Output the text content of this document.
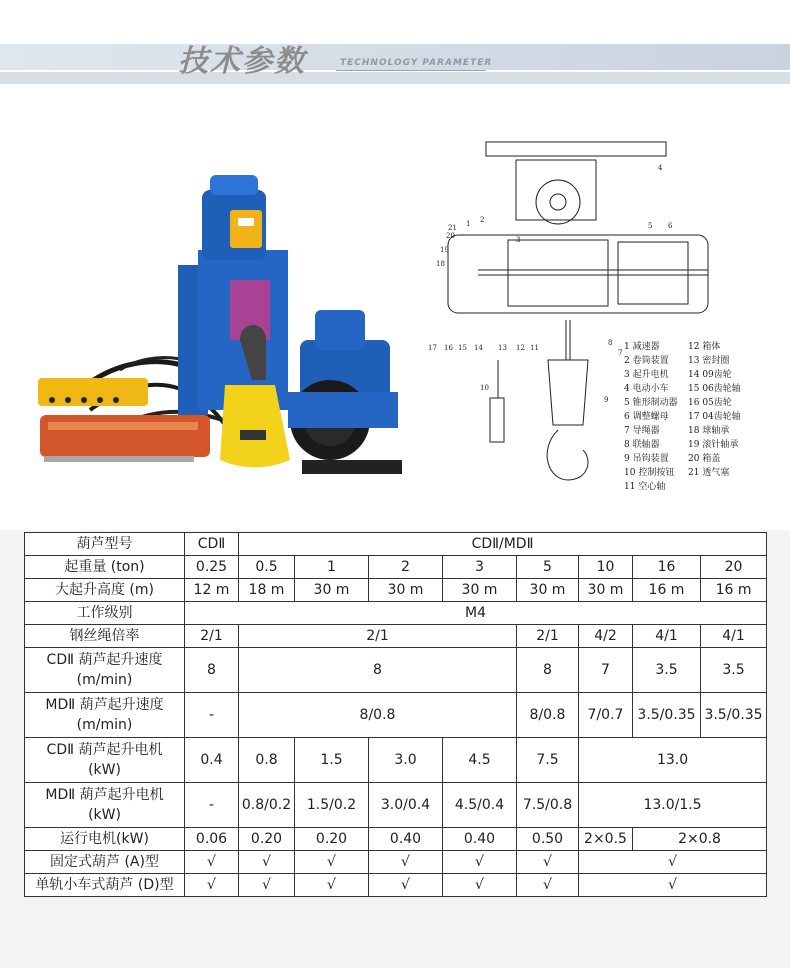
技术参数	TECHNOLOGY PARAMETER
21 1 2
4
5 6
20
19
18
17 16 15 14 13 12 11
8
7
9
10
3
1 减速器
2 卷筒装置
3 起升电机
4 电动小车
5 锥形制动器
6 调整螺母
7 导绳器
8 联轴器
9 吊钩装置
10 控制按钮
11 空心轴
12 箱体
13 密封圈
14 09齿轮
15 06齿轮轴
16 05齿轮
17 04齿轮轴
18 球轴承
19 滚针轴承
20 箱盖
21 透气塞
葫芦型号	CDⅡ	CDⅡ/MDⅡ							
起重量 (ton)	0.25	0.5	1	2	3	5	10	16	20
大起升高度 (m)	12 m	18 m	30 m	30 m	30 m	30 m	30 m	16 m	16 m
工作级别	M4								
钢丝绳倍率	2/1	2/1				2/1	4/2	4/1	4/1
CDⅡ 葫芦起升速度
(m/min)	8	8				8	7	3.5	3.5
MDⅡ 葫芦起升速度
(m/min)	-	8/0.8				8/0.8	7/0.7	3.5/0.35	3.5/0.35
CDⅡ 葫芦起升电机
(kW)	0.4	0.8	1.5	3.0	4.5	7.5	13.0		
MDⅡ 葫芦起升电机
(kW)	-	0.8/0.2	1.5/0.2	3.0/0.4	4.5/0.4	7.5/0.8	13.0/1.5		
运行电机(kW)	0.06	0.20	0.20	0.40	0.40	0.50	2×0.5	2×0.8	
固定式葫芦 (A)型	√	√	√	√	√	√	√		
单轨小车式葫芦 (D)型	√	√	√	√	√	√	√		
